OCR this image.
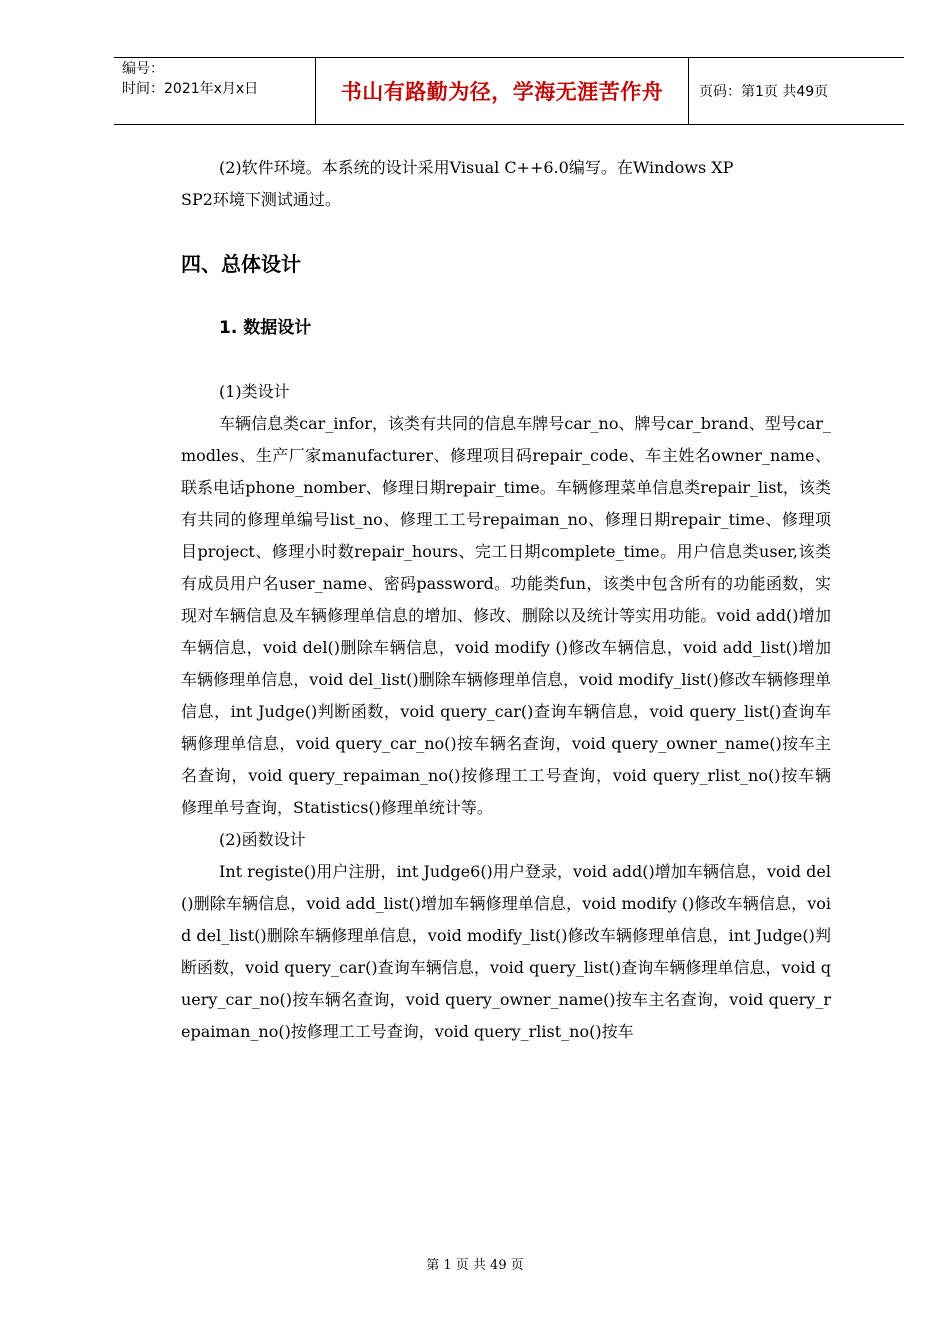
编号：
时间：2021年x月x日	书山有路勤为径，学海无涯苦作舟	页码：第1页 共49页

(2)软件环境。本系统的设计采用Visual C++6.0编写。在Windows XP

SP2环境下测试通过。

四、总体设计
1. 数据设计

(1)类设计

车辆信息类car_infor，该类有共同的信息车牌号car_no、牌号car_brand、型号car_modles、生产厂家manufacturer、修理项目码repair_code、车主姓名owner_name、联系电话phone_nomber、修理日期repair_time。车辆修理菜单信息类repair_list，该类有共同的修理单编号list_no、修理工工号repaiman_no、修理日期repair_time、修理项目project、修理小时数repair_hours、完工日期complete_time。用户信息类user,该类有成员用户名user_name、密码password。功能类fun，该类中包含所有的功能函数，实现对车辆信息及车辆修理单信息的增加、修改、删除以及统计等实用功能。void add()增加车辆信息，void del()删除车辆信息，void modify ()修改车辆信息，void add_list()增加车辆修理单信息，void del_list()删除车辆修理单信息，void modify_list()修改车辆修理单信息，int Judge()判断函数，void query_car()查询车辆信息，void query_list()查询车辆修理单信息，void query_car_no()按车辆名查询，void query_owner_name()按车主名查询，void query_repaiman_no()按修理工工号查询，void query_rlist_no()按车辆修理单号查询，Statistics()修理单统计等。

(2)函数设计

Int registe()用户注册，int Judge6()用户登录，void add()增加车辆信息，void del()删除车辆信息，void add_list()增加车辆修理单信息，void modify ()修改车辆信息，void del_list()删除车辆修理单信息，void modify_list()修改车辆修理单信息，int Judge()判断函数，void query_car()查询车辆信息，void query_list()查询车辆修理单信息，void query_car_no()按车辆名查询，void query_owner_name()按车主名查询，void query_repaiman_no()按修理工工号查询，void query_rlist_no()按车

第 1 页 共 49 页
